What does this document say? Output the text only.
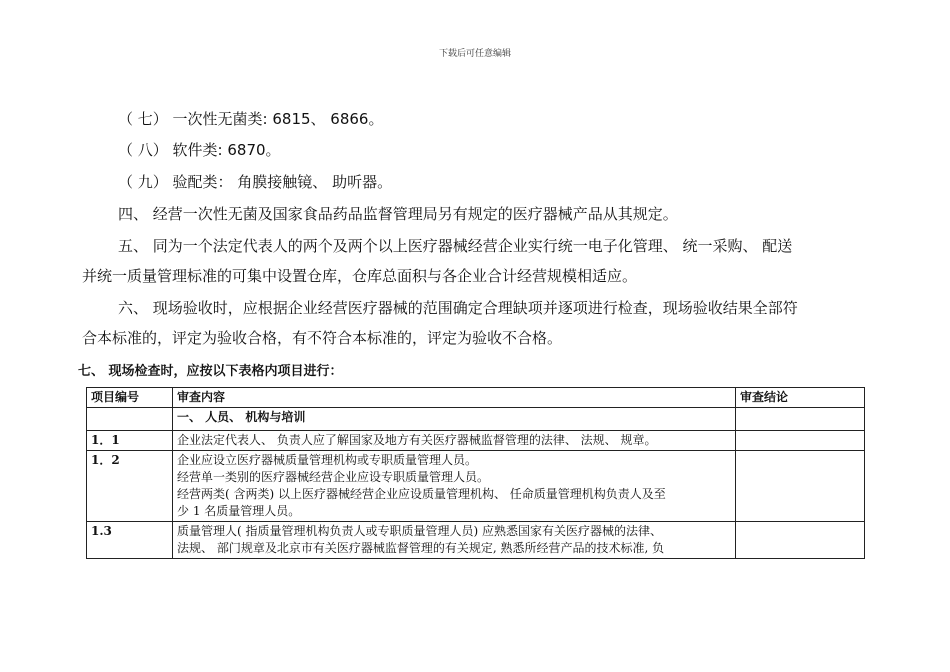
下载后可任意编辑
（ 七） 一次性无菌类: 6815、 6866。
（ 八） 软件类: 6870。
（ 九） 验配类： 角膜接触镜、 助听器。
四、 经营一次性无菌及国家食品药品监督管理局另有规定的医疗器械产品从其规定。
五、 同为一个法定代表人的两个及两个以上医疗器械经营企业实行统一电子化管理、 统一采购、 配送
并统一质量管理标准的可集中设置仓库，仓库总面积与各企业合计经营规模相适应。
六、 现场验收时，应根据企业经营医疗器械的范围确定合理缺项并逐项进行检查，现场验收结果全部符
合本标准的，评定为验收合格，有不符合本标准的，评定为验收不合格。
七、 现场检查时，应按以下表格内项目进行：
项目编号	审查内容	审查结论
	一、 人员、 机构与培训	
1．1	企业法定代表人、 负责人应了解国家及地方有关医疗器械监督管理的法律、 法规、 规章。	
1．2	企业应设立医疗器械质量管理机构或专职质量管理人员。
经营单一类别的医疗器械经营企业应设专职质量管理人员。
经营两类( 含两类) 以上医疗器械经营企业应设质量管理机构、 任命质量管理机构负责人及至
少 1 名质量管理人员。	

1.3	质量管理人( 指质量管理机构负责人或专职质量管理人员) 应熟悉国家有关医疗器械的法律、
法规、 部门规章及北京市有关医疗器械监督管理的有关规定, 熟悉所经营产品的技术标准, 负	
